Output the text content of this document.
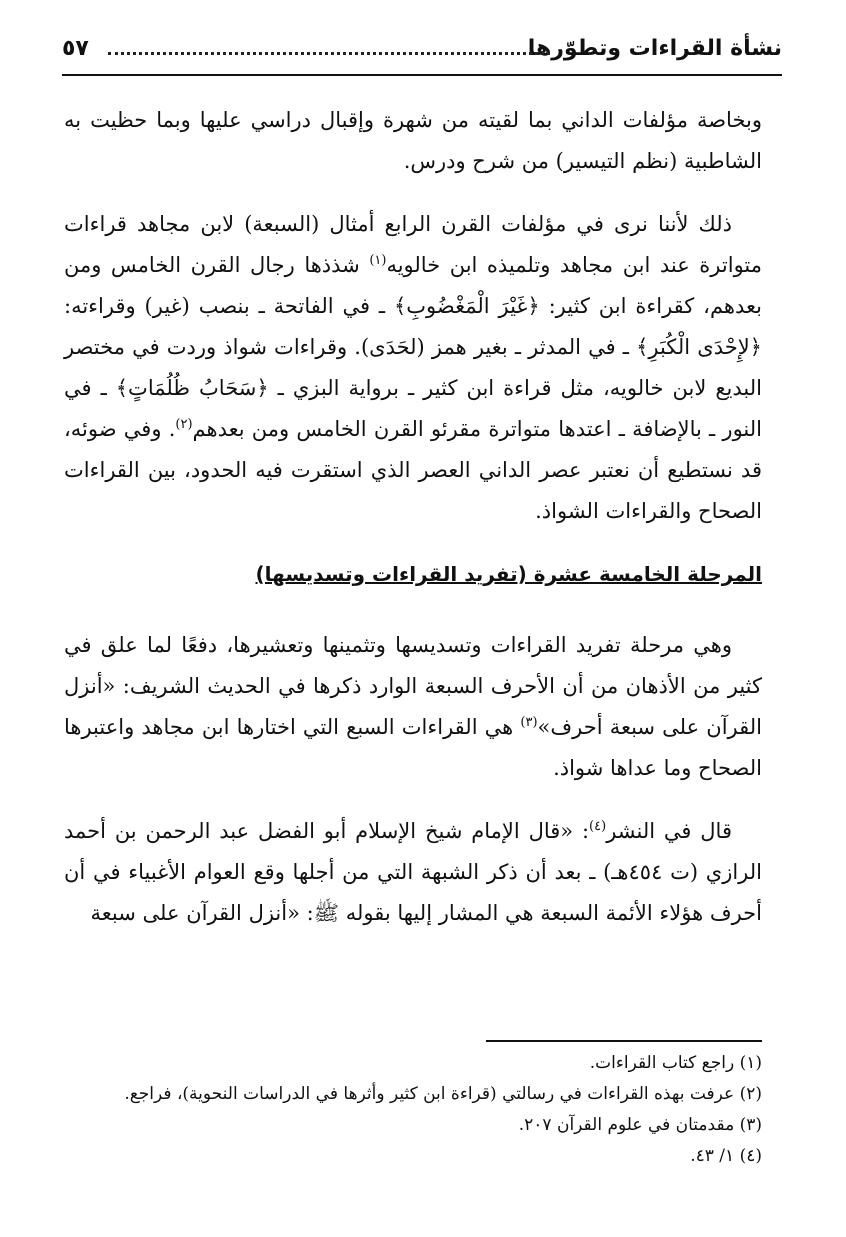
نشأة القراءات وتطوّرها
٥٧

وبخاصة مؤلفات الداني بما لقيته من شهرة وإقبال دراسي عليها وبما حظيت به الشاطبية (نظم التيسير) من شرح ودرس.

ذلك لأننا نرى في مؤلفات القرن الرابع أمثال (السبعة) لابن مجاهد قراءات متواترة عند ابن مجاهد وتلميذه ابن خالويه$^{(١)}$ شذذها رجال القرن الخامس ومن بعدهم، كقراءة ابن كثير: ﴿غَيْرَ الْمَغْضُوبِ﴾ ـ في الفاتحة ـ بنصب (غير) وقراءته: ﴿لإِحْدَى الْكُبَرِ﴾ ـ في المدثر ـ بغير همز (لحَدَى). وقراءات شواذ وردت في مختصر البديع لابن خالويه، مثل قراءة ابن كثير ـ برواية البزي ـ ﴿سَحَابُ ظُلُمَاتٍ﴾ ـ في النور ـ بالإضافة ـ اعتدها متواترة مقرئو القرن الخامس ومن بعدهم$^{(٢)}$. وفي ضوئه، قد نستطيع أن نعتبر عصر الداني العصر الذي استقرت فيه الحدود، بين القراءات الصحاح والقراءات الشواذ.

المرحلة الخامسة عشرة (تفريد القراءات وتسديسها)

وهي مرحلة تفريد القراءات وتسديسها وتثمينها وتعشيرها، دفعًا لما علق في كثير من الأذهان من أن الأحرف السبعة الوارد ذكرها في الحديث الشريف: «أنزل القرآن على سبعة أحرف»$^{(٣)}$ هي القراءات السبع التي اختارها ابن مجاهد واعتبرها الصحاح وما عداها شواذ.

قال في النشر$^{(٤)}$: «قال الإمام شيخ الإسلام أبو الفضل عبد الرحمن بن أحمد الرازي (ت ٤٥٤هـ) ـ بعد أن ذكر الشبهة التي من أجلها وقع العوام الأغبياء في أن أحرف هؤلاء الأئمة السبعة هي المشار إليها بقوله ﷺ: «أنزل القرآن على سبعة

(١) راجع كتاب القراءات.

(٢) عرفت بهذه القراءات في رسالتي (قراءة ابن كثير وأثرها في الدراسات النحوية)، فراجع.

(٣) مقدمتان في علوم القرآن ٢٠٧.

(٤) ١/ ٤٣.
